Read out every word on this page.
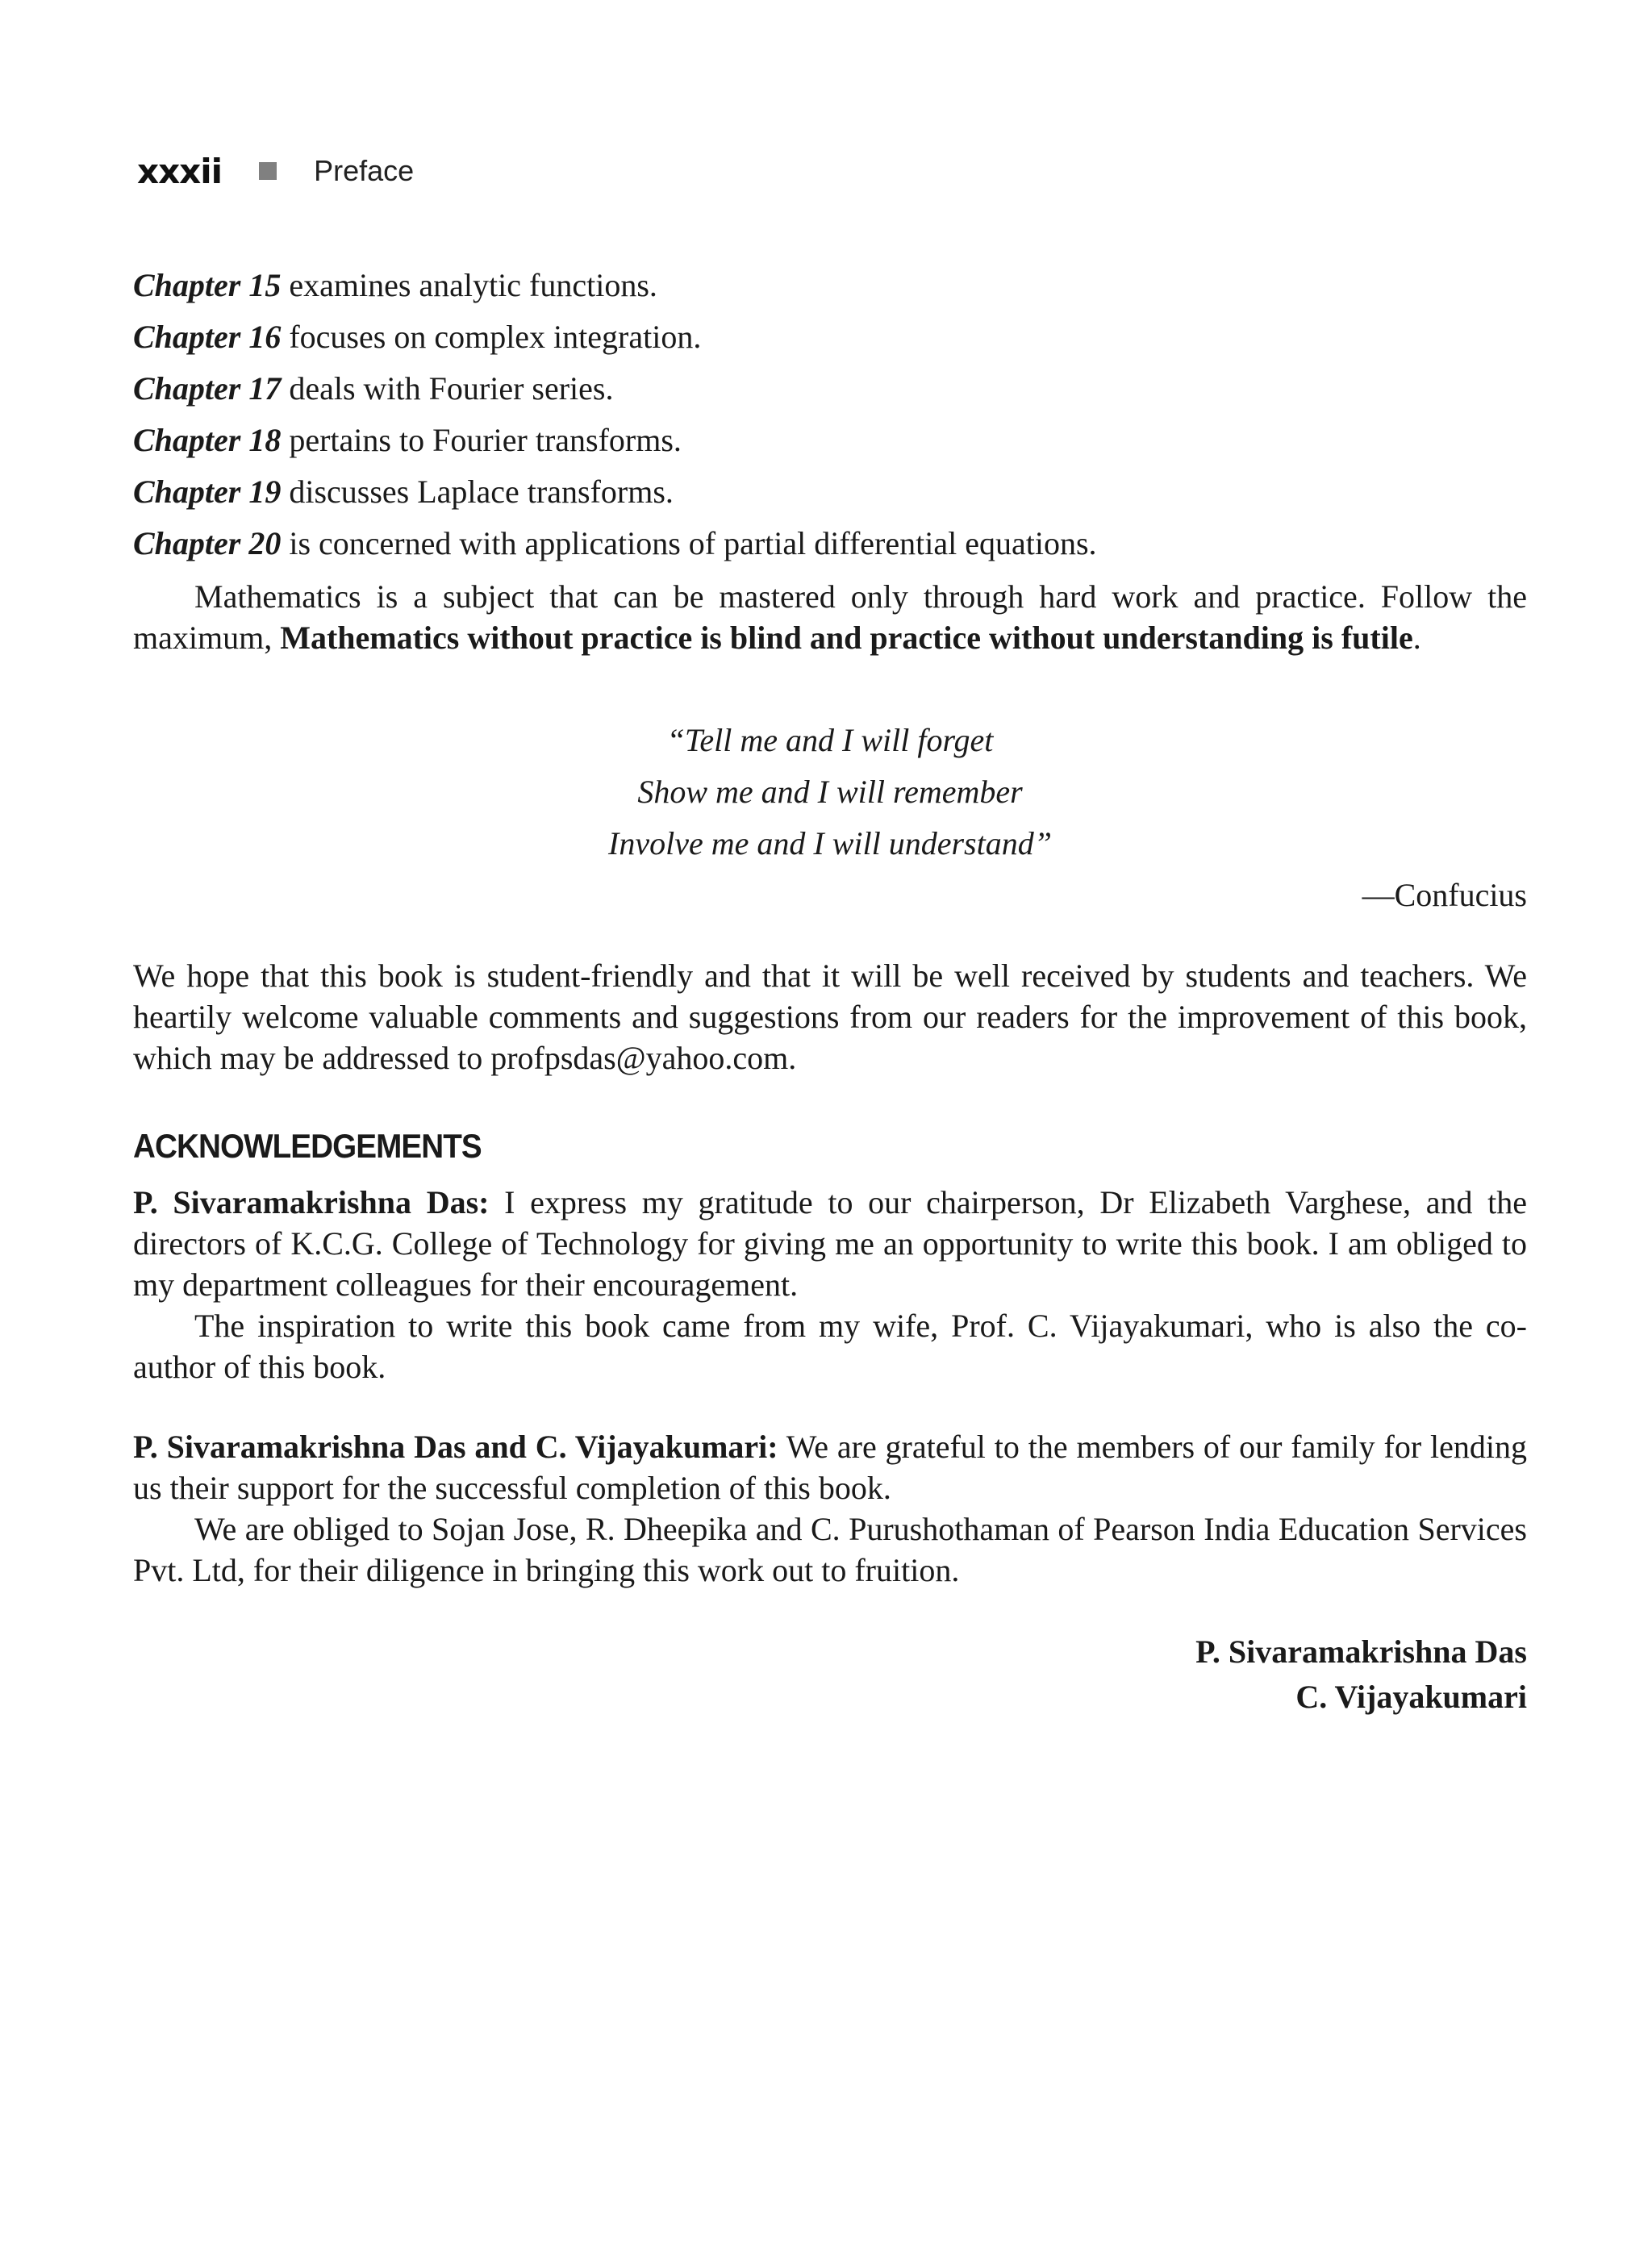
xxxii	Preface
Chapter 15 examines analytic functions.
Chapter 16 focuses on complex integration.
Chapter 17 deals with Fourier series.
Chapter 18 pertains to Fourier transforms.
Chapter 19 discusses Laplace transforms.
Chapter 20 is concerned with applications of partial differential equations.

Mathematics is a subject that can be mastered only through hard work and practice. Follow the maximum, Mathematics without practice is blind and practice without understanding is futile.

“Tell me and I will forget
Show me and I will remember
Involve me and I will understand”
—Confucius

We hope that this book is student-friendly and that it will be well received by students and teachers. We heartily welcome valuable comments and suggestions from our readers for the improvement of this book, which may be addressed to profpsdas@yahoo.com.

ACKNOWLEDGEMENTS

P. Sivaramakrishna Das: I express my gratitude to our chairperson, Dr Elizabeth Varghese, and the directors of K.C.G. College of Technology for giving me an opportunity to write this book. I am obliged to my department colleagues for their encouragement.

The inspiration to write this book came from my wife, Prof. C. Vijayakumari, who is also the co-author of this book.

P. Sivaramakrishna Das and C. Vijayakumari: We are grateful to the members of our family for lending us their support for the successful completion of this book.

We are obliged to Sojan Jose, R. Dheepika and C. Purushothaman of Pearson India Education Services Pvt. Ltd, for their diligence in bringing this work out to fruition.

P. Sivaramakrishna Das
C. Vijayakumari
